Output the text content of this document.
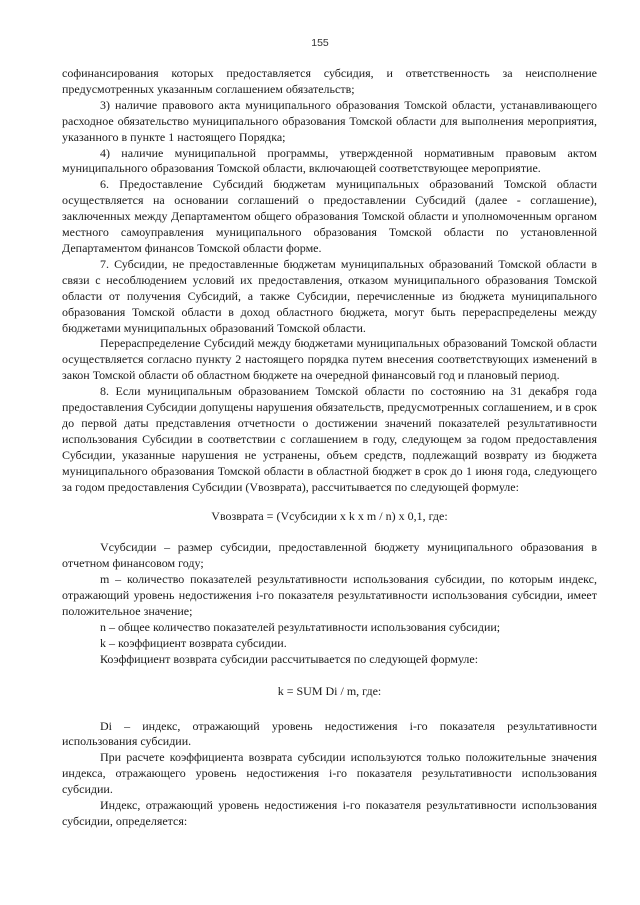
155

софинансирования которых предоставляется субсидия, и ответственность за неисполнение предусмотренных указанным соглашением обязательств;

3) наличие правового акта муниципального образования Томской области, устанавливающего расходное обязательство муниципального образования Томской области для выполнения мероприятия, указанного в пункте 1 настоящего Порядка;

4) наличие муниципальной программы, утвержденной нормативным правовым актом муниципального образования Томской области, включающей соответствующее мероприятие.

6. Предоставление Субсидий бюджетам муниципальных образований Томской области осуществляется на основании соглашений о предоставлении Субсидий (далее - соглашение), заключенных между Департаментом общего образования Томской области и уполномоченным органом местного самоуправления муниципального образования Томской области по установленной Департаментом финансов Томской области форме.

7. Субсидии, не предоставленные бюджетам муниципальных образований Томской области в связи с несоблюдением условий их предоставления, отказом муниципального образования Томской области от получения Субсидий, а также Субсидии, перечисленные из бюджета муниципального образования Томской области в доход областного бюджета, могут быть перераспределены между бюджетами муниципальных образований Томской области.

Перераспределение Субсидий между бюджетами муниципальных образований Томской области осуществляется согласно пункту 2 настоящего порядка путем внесения соответствующих изменений в закон Томской области об областном бюджете на очередной финансовый год и плановый период.

8. Если муниципальным образованием Томской области по состоянию на 31 декабря года предоставления Субсидии допущены нарушения обязательств, предусмотренных соглашением, и в срок до первой даты представления отчетности о достижении значений показателей результативности использования Субсидии в соответствии с соглашением в году, следующем за годом предоставления Субсидии, указанные нарушения не устранены, объем средств, подлежащий возврату из бюджета муниципального образования Томской области в областной бюджет в срок до 1 июня года, следующего за годом предоставления Субсидии (Vвозврата), рассчитывается по следующей формуле:

Vвозврата = (Vсубсидии x k x m / n) x 0,1, где:

Vсубсидии – размер субсидии, предоставленной бюджету муниципального образования в отчетном финансовом году;

m – количество показателей результативности использования субсидии, по которым индекс, отражающий уровень недостижения i-го показателя результативности использования субсидии, имеет положительное значение;

n – общее количество показателей результативности использования субсидии;

k – коэффициент возврата субсидии.

Коэффициент возврата субсидии рассчитывается по следующей формуле:

k = SUM Di / m, где:

Di – индекс, отражающий уровень недостижения i-го показателя результативности использования субсидии.

При расчете коэффициента возврата субсидии используются только положительные значения индекса, отражающего уровень недостижения i-го показателя результативности использования субсидии.

Индекс, отражающий уровень недостижения i-го показателя результативности использования субсидии, определяется:
